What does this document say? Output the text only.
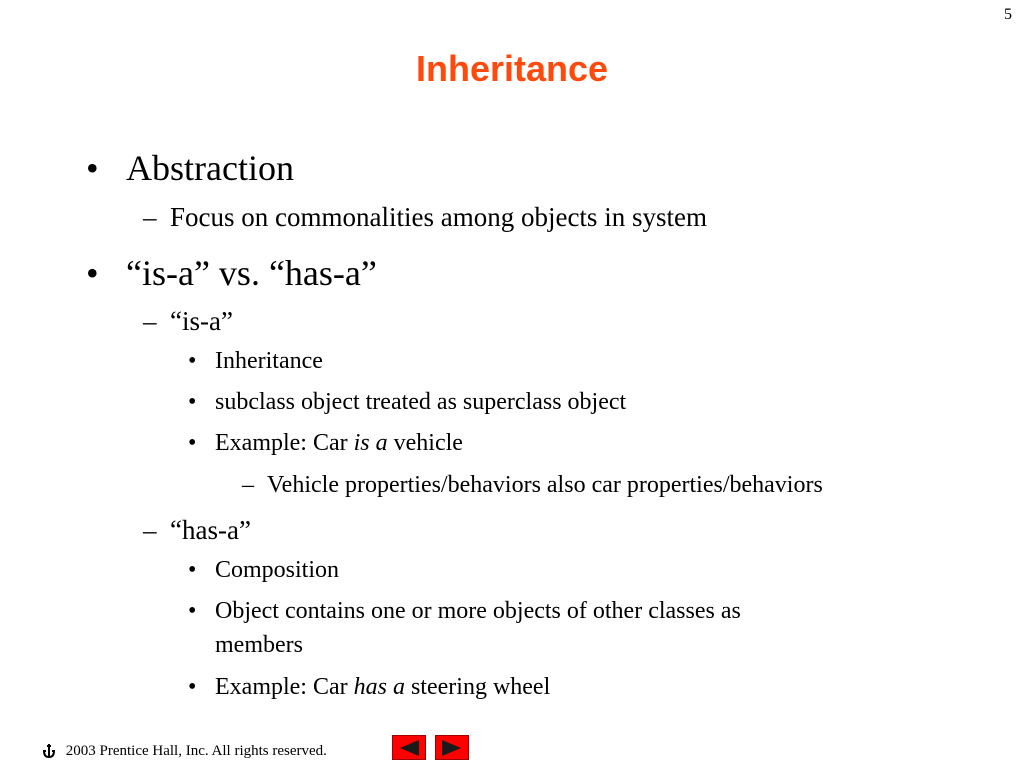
5
Inheritance
• Abstraction
– Focus on commonalities among objects in system
• “is-a” vs. “has-a”
– “is-a”
• Inheritance
• subclass object treated as superclass object
• Example: Car is a vehicle
– Vehicle properties/behaviors also car properties/behaviors
– “has-a”
• Composition
• Object contains one or more objects of other classes as
members
• Example: Car has a steering wheel

2003 Prentice Hall, Inc. All rights reserved.
